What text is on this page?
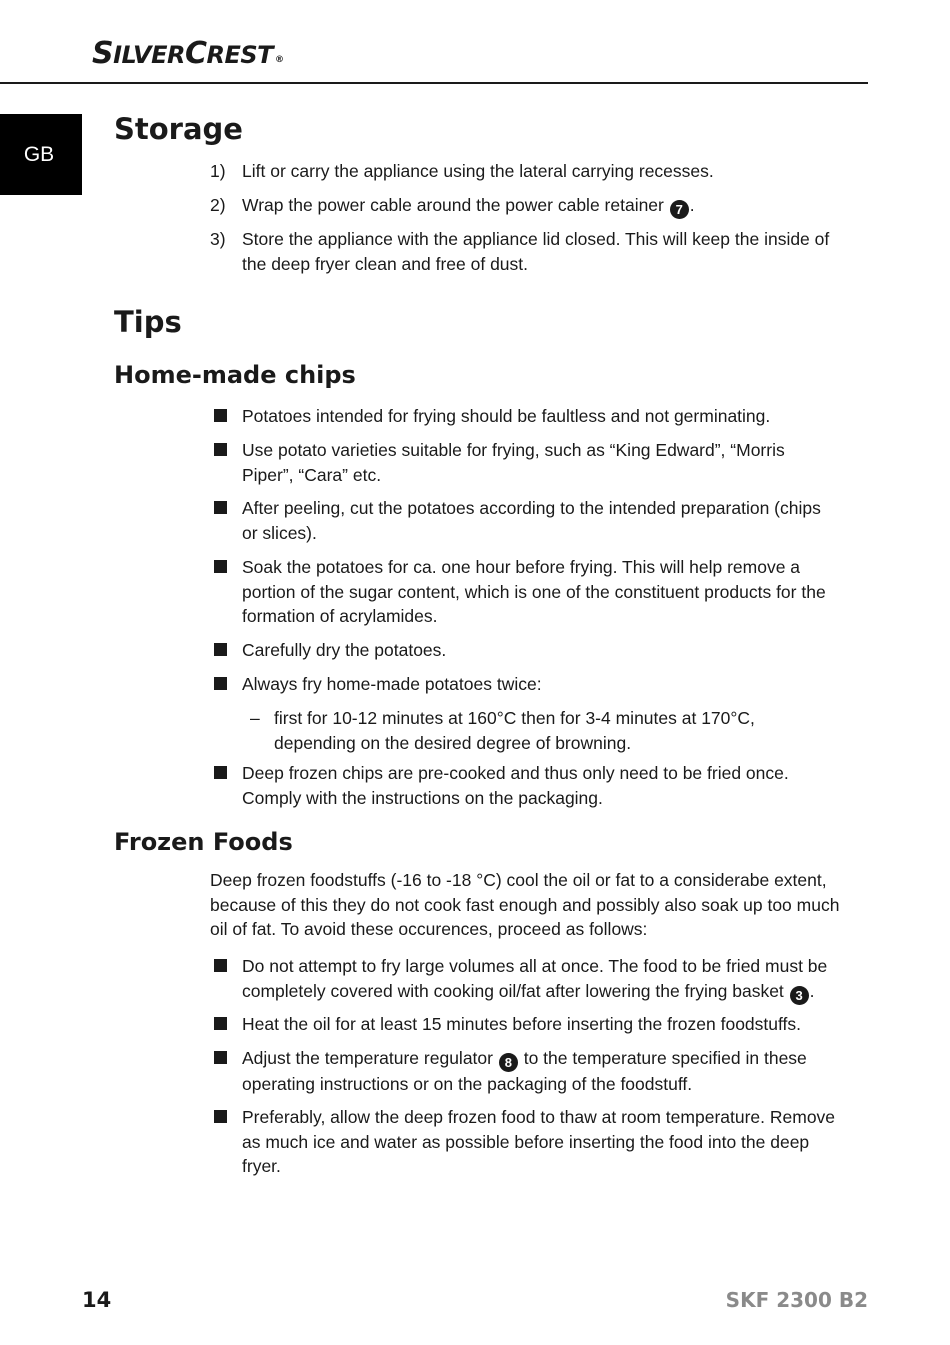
SILVERCREST ®
GB
Storage
1) Lift or carry the appliance using the lateral carrying recesses.
2) Wrap the power cable around the power cable retainer 7 .
3) Store the appliance with the appliance lid closed. This will keep the inside of the deep fryer clean and free of dust.
Tips
Home-made chips
Potatoes intended for frying should be faultless and not germinating.
Use potato varieties suitable for frying, such as “King Edward”, “Morris Piper”, “Cara” etc.
After peeling, cut the potatoes according to the intended preparation (chips or slices).
Soak the potatoes for ca. one hour before frying. This will help remove a portion of the sugar content, which is one of the constituent products for the formation of acrylamides.
Carefully dry the potatoes.
Always fry home-made potatoes twice:
– first for 10-12 minutes at 160°C then for 3-4 minutes at 170°C, depending on the desired degree of browning.
Deep frozen chips are pre-cooked and thus only need to be fried once. Comply with the instructions on the packaging.
Frozen Foods
Deep frozen foodstuffs (-16 to -18 °C) cool the oil or fat to a considerabe extent, because of this they do not cook fast enough and possibly also soak up too much oil of fat. To avoid these occurences, proceed as follows:
Do not attempt to fry large volumes all at once. The food to be fried must be completely covered with cooking oil/fat after lowering the frying basket 3 .
Heat the oil for at least 15 minutes before inserting the frozen foodstuffs.
Adjust the temperature regulator 8 to the temperature specified in these operating instructions or on the packaging of the foodstuff.
Preferably, allow the deep frozen food to thaw at room temperature. Remove as much ice and water as possible before inserting the food into the deep fryer.
14	SKF 2300 B2
